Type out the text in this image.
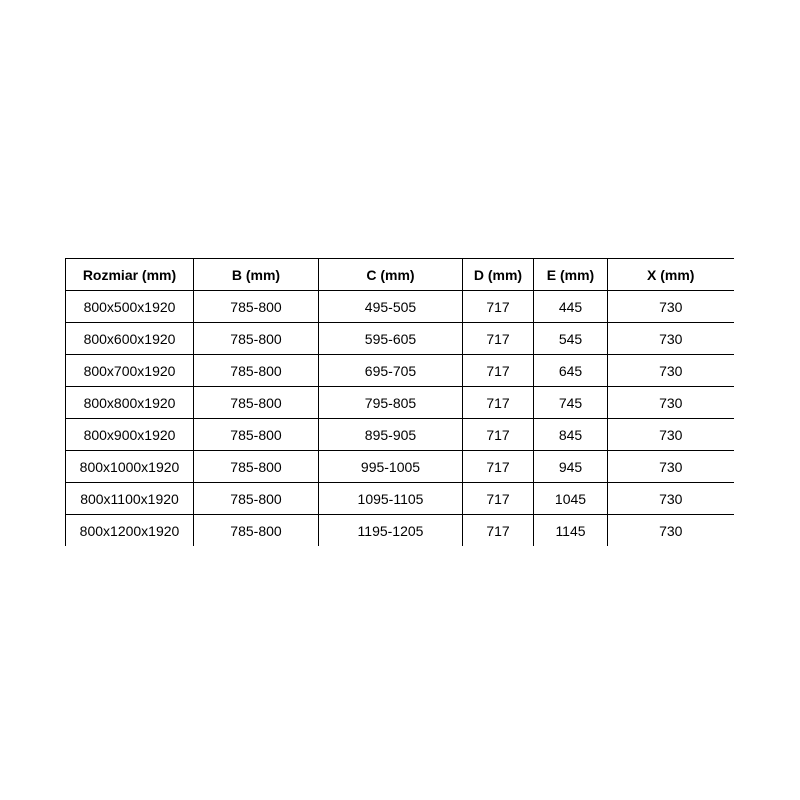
Rozmiar (mm)	B (mm)	C (mm)	D (mm)	E (mm)	X (mm)
800x500x1920	785-800	495-505	717	445	730
800x600x1920	785-800	595-605	717	545	730
800x700x1920	785-800	695-705	717	645	730
800x800x1920	785-800	795-805	717	745	730
800x900x1920	785-800	895-905	717	845	730
800x1000x1920	785-800	995-1005	717	945	730
800x1100x1920	785-800	1095-1105	717	1045	730
800x1200x1920	785-800	1195-1205	717	1145	730
